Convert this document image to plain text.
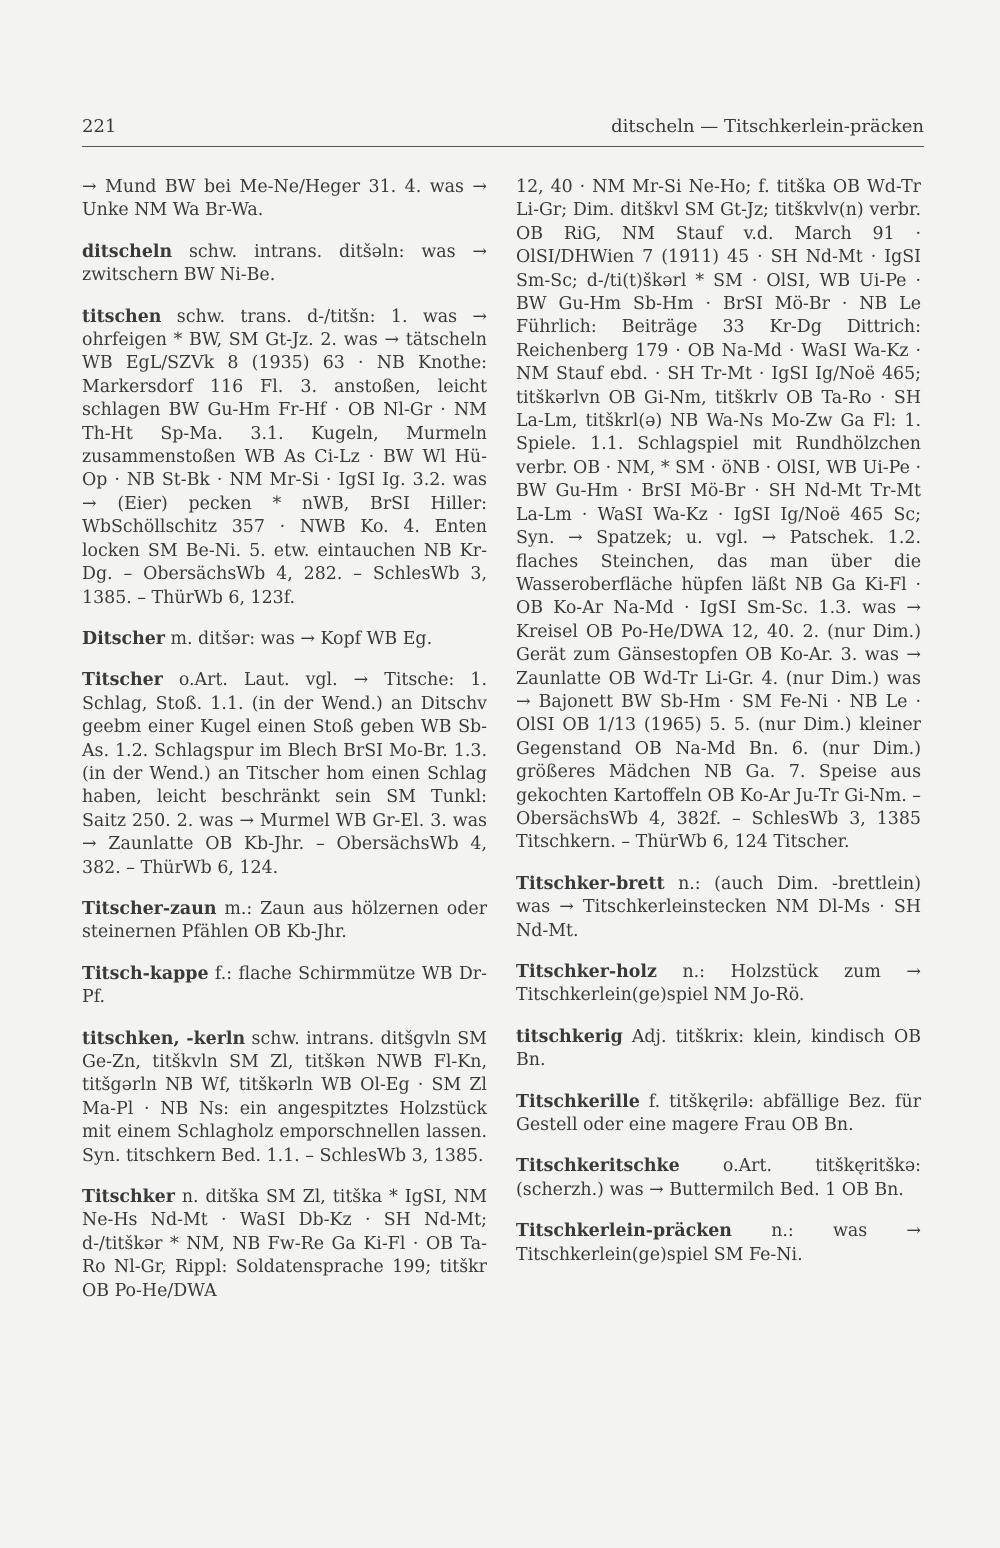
221	ditscheln — Titschkerlein-präcken

→ Mund BW bei Me-Ne/Heger 31. 4. was → Unke NM Wa Br-Wa.

ditscheln schw. intrans. ditšəln: was → zwitschern BW Ni-Be.

titschen schw. trans. d-/titšn: 1. was → ohrfeigen * BW, SM Gt-Jz. 2. was → tätscheln WB EgL/SZVk 8 (1935) 63 · NB Knothe: Markersdorf 116 Fl. 3. anstoßen, leicht schlagen BW Gu-Hm Fr-Hf · OB Nl-Gr · NM Th-Ht Sp-Ma. 3.1. Kugeln, Murmeln zusammenstoßen WB As Ci-Lz · BW Wl Hü-Op · NB St-Bk · NM Mr-Si · IgSI Ig. 3.2. was → (Eier) pecken * nWB, BrSI Hiller: WbSchöllschitz 357 · NWB Ko. 4. Enten locken SM Be-Ni. 5. etw. eintauchen NB Kr-Dg. – ObersächsWb 4, 282. – SchlesWb 3, 1385. – ThürWb 6, 123f.

Ditscher m. ditšər: was → Kopf WB Eg.

Titscher o.Art. Laut. vgl. → Titsche: 1. Schlag, Stoß. 1.1. (in der Wend.) an Ditschv geebm einer Kugel einen Stoß geben WB Sb-As. 1.2. Schlagspur im Blech BrSI Mo-Br. 1.3. (in der Wend.) an Titscher hom einen Schlag haben, leicht beschränkt sein SM Tunkl: Saitz 250. 2. was → Murmel WB Gr-El. 3. was → Zaunlatte OB Kb-Jhr. – ObersächsWb 4, 382. – ThürWb 6, 124.

Titscher-zaun m.: Zaun aus hölzernen oder steinernen Pfählen OB Kb-Jhr.

Titsch-kappe f.: flache Schirmmütze WB Dr-Pf.

titschken, -kerln schw. intrans. ditšgvln SM Ge-Zn, titškvln SM Zl, titškən NWB Fl-Kn, titšgərln NB Wf, titškərln WB Ol-Eg · SM Zl Ma-Pl · NB Ns: ein angespitztes Holzstück mit einem Schlagholz emporschnellen lassen. Syn. titschkern Bed. 1.1. – SchlesWb 3, 1385.

Titschker n. ditška SM Zl, titška * IgSI, NM Ne-Hs Nd-Mt · WaSI Db-Kz · SH Nd-Mt; d-/titškər * NM, NB Fw-Re Ga Ki-Fl · OB Ta-Ro Nl-Gr, Rippl: Soldatensprache 199; titškr OB Po-He/DWA

12, 40 · NM Mr-Si Ne-Ho; f. titška OB Wd-Tr Li-Gr; Dim. ditškvl SM Gt-Jz; titškvlv(n) verbr. OB RiG, NM Stauf v.d. March 91 · OlSI/DHWien 7 (1911) 45 · SH Nd-Mt · IgSI Sm-Sc; d-/ti(t)škərl * SM · OlSI, WB Ui-Pe · BW Gu-Hm Sb-Hm · BrSI Mö-Br · NB Le Führlich: Beiträge 33 Kr-Dg Dittrich: Reichenberg 179 · OB Na-Md · WaSI Wa-Kz · NM Stauf ebd. · SH Tr-Mt · IgSI Ig/Noë 465; titškərlvn OB Gi-Nm, titškrlv OB Ta-Ro · SH La-Lm, titškrl(ə) NB Wa-Ns Mo-Zw Ga Fl: 1. Spiele. 1.1. Schlagspiel mit Rundhölzchen verbr. OB · NM, * SM · öNB · OlSI, WB Ui-Pe · BW Gu-Hm · BrSI Mö-Br · SH Nd-Mt Tr-Mt La-Lm · WaSI Wa-Kz · IgSI Ig/Noë 465 Sc; Syn. → Spatzek; u. vgl. → Patschek. 1.2. flaches Steinchen, das man über die Wasseroberfläche hüpfen läßt NB Ga Ki-Fl · OB Ko-Ar Na-Md · IgSI Sm-Sc. 1.3. was → Kreisel OB Po-He/DWA 12, 40. 2. (nur Dim.) Gerät zum Gänsestopfen OB Ko-Ar. 3. was → Zaunlatte OB Wd-Tr Li-Gr. 4. (nur Dim.) was → Bajonett BW Sb-Hm · SM Fe-Ni · NB Le · OlSI OB 1/13 (1965) 5. 5. (nur Dim.) kleiner Gegenstand OB Na-Md Bn. 6. (nur Dim.) größeres Mädchen NB Ga. 7. Speise aus gekochten Kartoffeln OB Ko-Ar Ju-Tr Gi-Nm. – ObersächsWb 4, 382f. – SchlesWb 3, 1385 Titschkern. – ThürWb 6, 124 Titscher.

Titschker-brett n.: (auch Dim. -brettlein) was → Titschkerleinstecken NM Dl-Ms · SH Nd-Mt.

Titschker-holz n.: Holzstück zum → Titschkerlein(ge)spiel NM Jo-Rö.

titschkerig Adj. titškrix: klein, kindisch OB Bn.

Titschkerille f. titškęrilə: abfällige Bez. für Gestell oder eine magere Frau OB Bn.

Titschkeritschke o.Art. titškęritškə: (scherzh.) was → Buttermilch Bed. 1 OB Bn.

Titschkerlein-präcken n.: was → Titschkerlein(ge)spiel SM Fe-Ni.
